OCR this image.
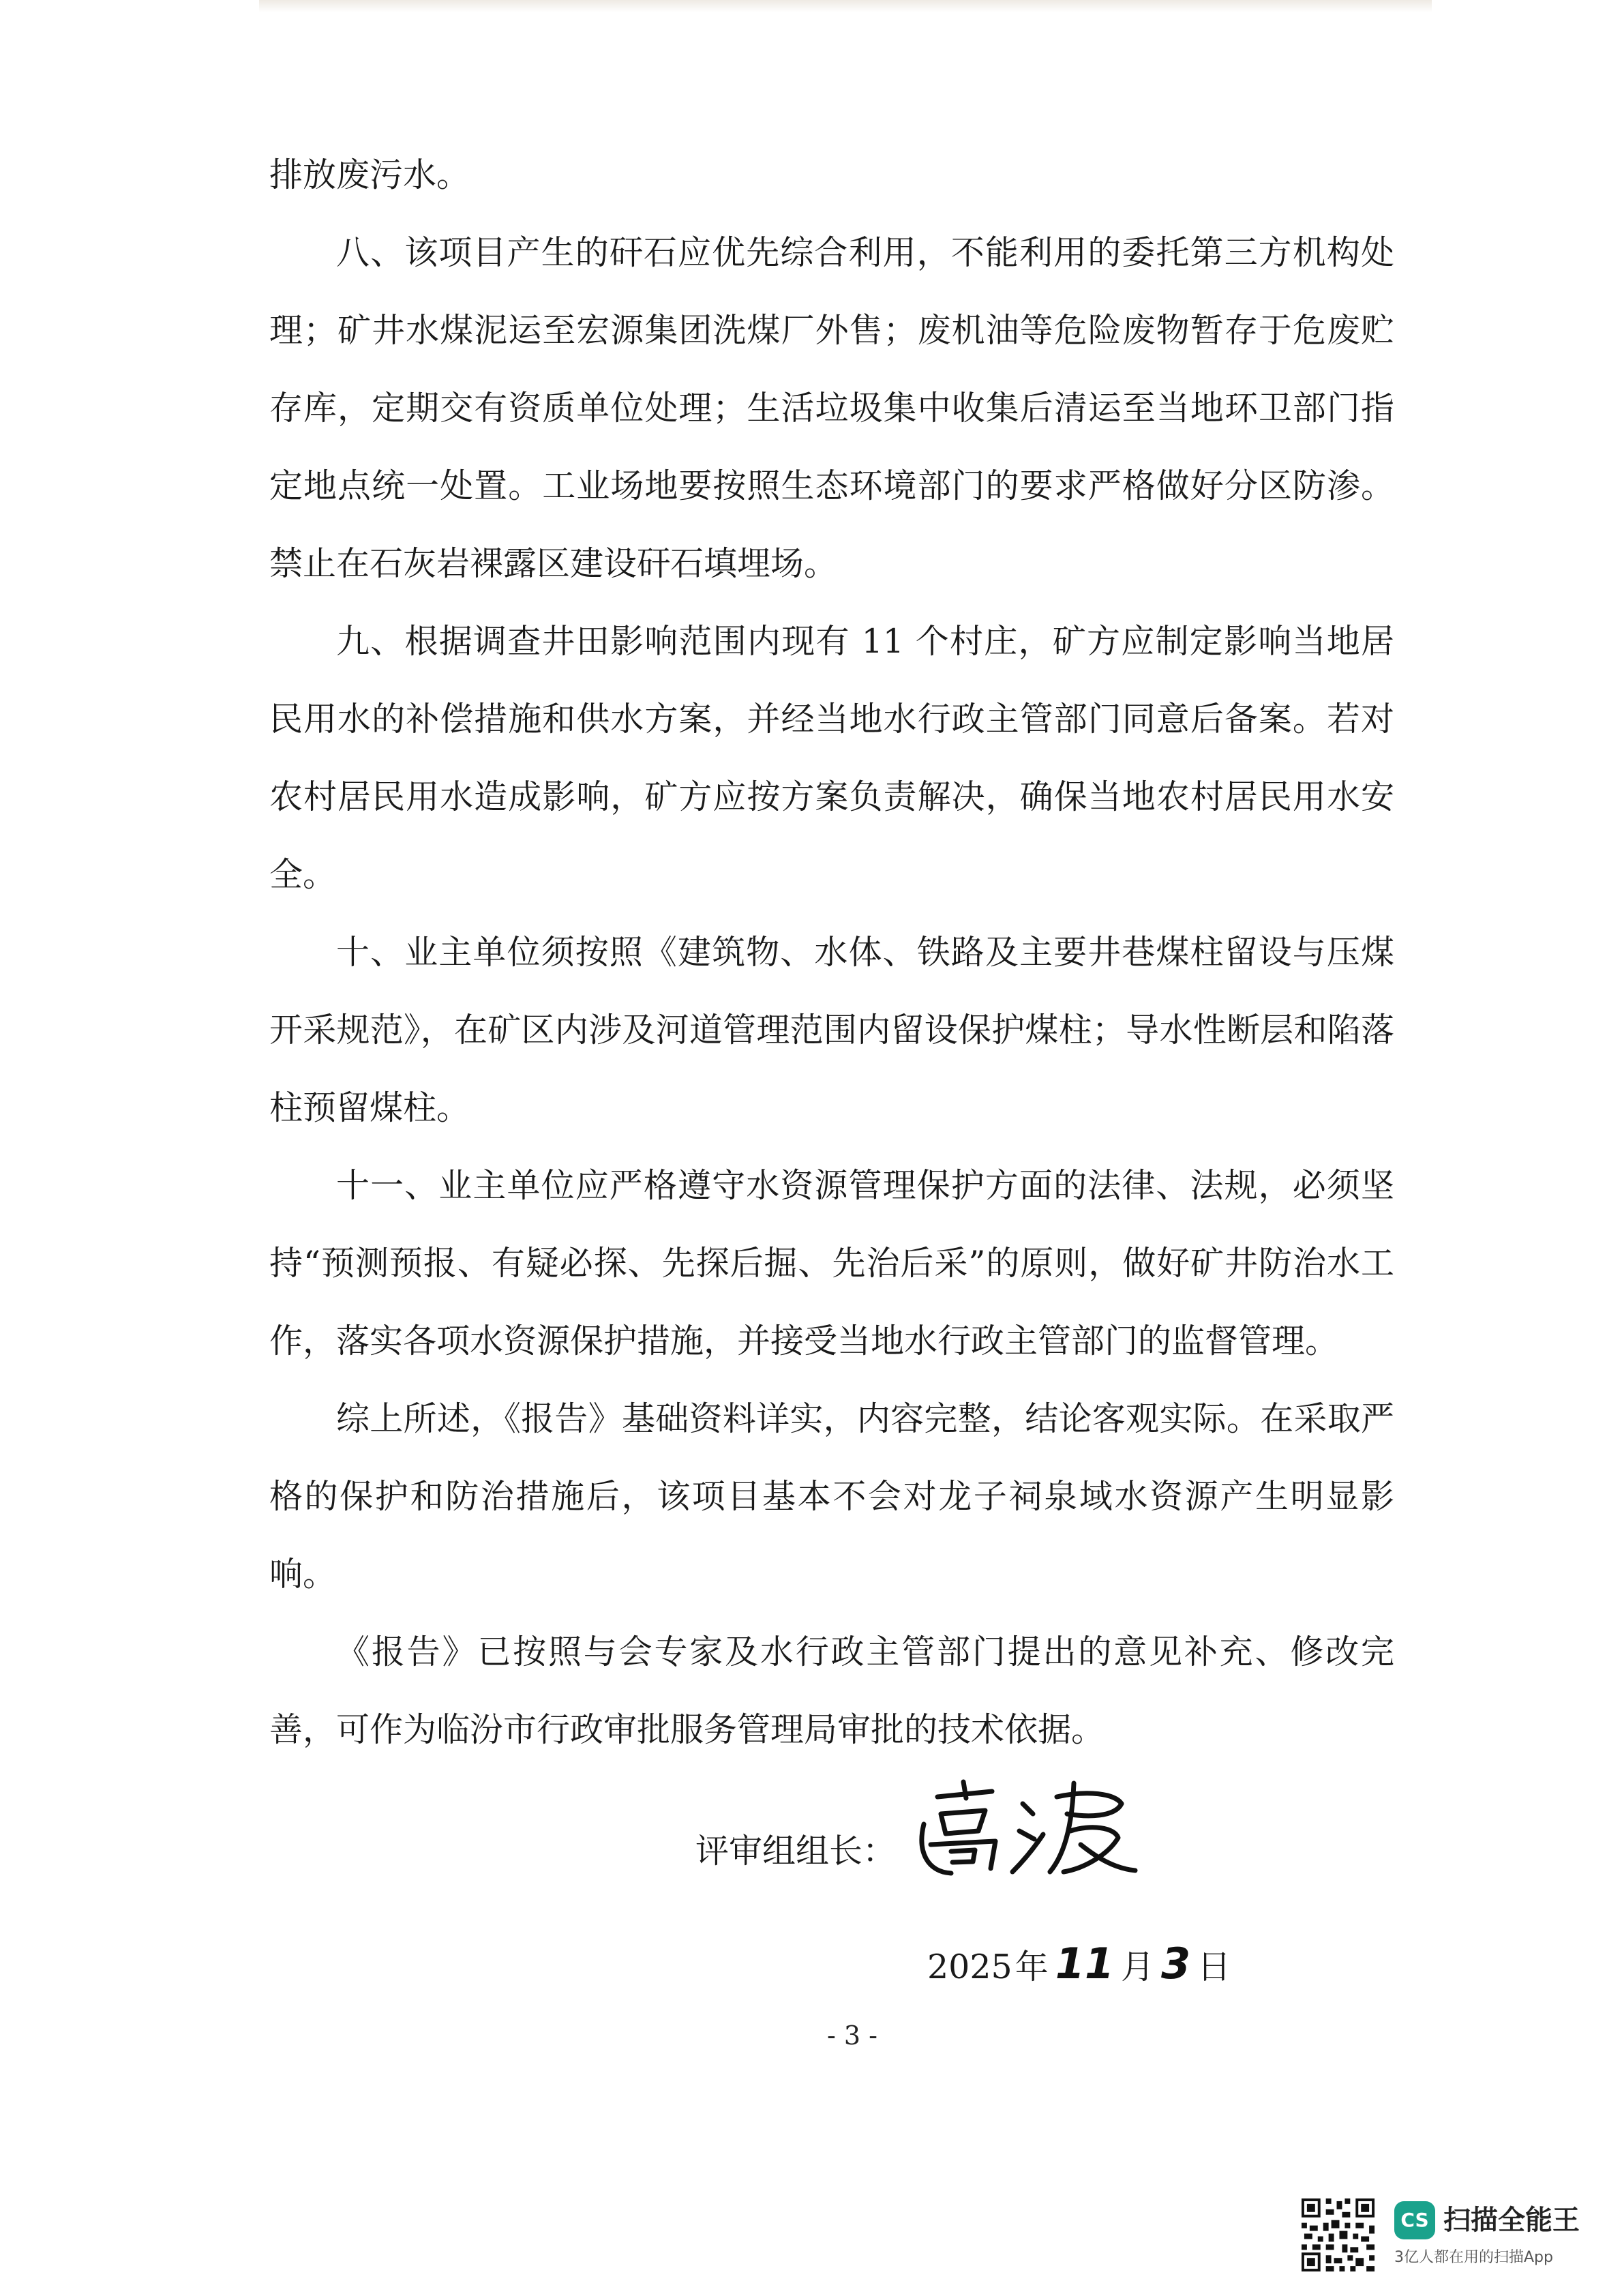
排放废污水。

八、该项目产生的矸石应优先综合利用，不能利用的委托第三方机构处理；矿井水煤泥运至宏源集团洗煤厂外售；废机油等危险废物暂存于危废贮存库，定期交有资质单位处理；生活垃圾集中收集后清运至当地环卫部门指定地点统一处置。工业场地要按照生态环境部门的要求严格做好分区防渗。禁止在石灰岩裸露区建设矸石填埋场。

九、根据调查井田影响范围内现有 11 个村庄，矿方应制定影响当地居民用水的补偿措施和供水方案，并经当地水行政主管部门同意后备案。若对农村居民用水造成影响，矿方应按方案负责解决，确保当地农村居民用水安全。

十、业主单位须按照《建筑物、水体、铁路及主要井巷煤柱留设与压煤开采规范》，在矿区内涉及河道管理范围内留设保护煤柱；导水性断层和陷落柱预留煤柱。

十一、业主单位应严格遵守水资源管理保护方面的法律、法规，必须坚持“预测预报、有疑必探、先探后掘、先治后采”的原则，做好矿井防治水工作，落实各项水资源保护措施，并接受当地水行政主管部门的监督管理。

综上所述，《报告》基础资料详实，内容完整，结论客观实际。在采取严格的保护和防治措施后，该项目基本不会对龙子祠泉域水资源产生明显影响。

《报告》已按照与会专家及水行政主管部门提出的意见补充、修改完善，可作为临汾市行政审批服务管理局审批的技术依据。

评审组组长：
高波
2025 年 11 月 3 日
- 3 -
CS 扫描全能王
3亿人都在用的扫描App
